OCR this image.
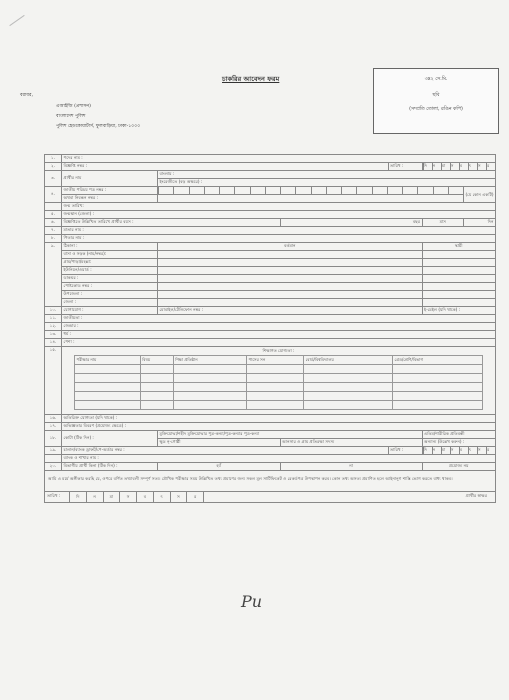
চাকরির আবেদন ফরম	৩x২ সে.মি.
ছবি
(সম্প্রতি তোলা, রঙিন কপি)
বরাবর,
এআইজি (প্রশাসন)
বাংলাদেশ পুলিশ
পুলিশ হেডকোয়ার্টার্স, ফুলবাড়িয়া, ঢাকা-১০০০
১.	পদের নাম :
২.	বিজ্ঞপ্তি নম্বর :	তারিখ :	দি	ন	মা	স	ব	ৎ	স	র

৩.	প্রার্থীর নাম	বাংলায় :
ইংরেজীতে (বড় অক্ষরে) :
৪.	জাতীয় পরিচয় পত্র নম্বর :	
	(যে কোন একটি)
অথবা নিবন্ধন নম্বর :	
	জন্ম তারিখ:
৫.	জন্মস্থান (জেলা) :
৬.	বিজ্ঞপ্তিতে উল্লিখিত তারিখে প্রার্থীর বয়স :	বছর	মাস	দিন
৭.	মাতার নাম :
৮.	পিতার নাম :
৯.	ঠিকানা :	বর্তমান	স্থায়ী
বাসা ও সড়ক (নাম/নম্বর):		
গ্রাম/পাড়া/মহল্লা:		
ইউনিয়ন/ওয়ার্ড :		
ডাকঘর :		
পোষ্টকোড নম্বর :		
উপজেলা :		
জেলা :		
১০.	যোগাযোগ :	মোবাইল/টেলিফোন নম্বর :	ই-মেইল (যদি থাকে) :
১১.	জাতীয়তা :
১২.	জেন্ডার :
১৩.	ধর্ম :
১৪.	পেশা :
১৫.	শিক্ষাগত যোগ্যতা :
পরীক্ষার নাম	বিষয়	শিক্ষা প্রতিষ্ঠান	পাসের সন	বোর্ড/বিশ্ববিদ্যালয়	গ্রেড/শ্রেণি/বিভাগ

১৬.	অতিরিক্ত যোগ্যতা (যদি থাকে) :
১৭.	অভিজ্ঞতার বিবরণ (প্রযোজ্য ক্ষেত্রে) :
১৮.	কোটা (টিক দিন) :	মুক্তিযোদ্ধা/শহীদ মুক্তিযোদ্ধার পুত্র-কন্যা/পুত্র-কন্যার পুত্র-কন্যা	এতিম/শারীরিক প্রতিবন্ধী
ক্ষুদ্র নৃ-গোষ্ঠী	আনসার ও গ্রাম প্রতিরক্ষা সদস্য	অন্যান্য (উল্লেখ করুন) :
১৯.	চালান/ব্যাংক ড্রাফট/পে-অর্ডার নম্বর :	তারিখ :	দি	ন	মা	স	ব	ৎ	স	র

	ব্যাংক ও শাখার নাম :
২০.	বিভাগীয় প্রার্থী কিনা (টিক দিন) :	হ্যাঁ	না	প্রযোজ্য নয়
আমি এ মর্মে অঙ্গীকার করছি যে, ওপরে বর্ণিত তথ্যাবলী সম্পূর্ণ সত্য। মৌখিক পরীক্ষার সময় উল্লিখিত তথ্য প্রমাণের জন্য সকল মূল সার্টিফিকেট ও রেকর্ডপত্র উপস্থাপন করব। কোন তথ্য অসত্য প্রমাণিত হলে আইনানুগ শাস্তি ভোগ করতে বাধ্য থাকব।

তারিখ :	দি	ন	মা	স	ব	ৎ	স	র	প্রার্থীর স্বাক্ষর
Pu
